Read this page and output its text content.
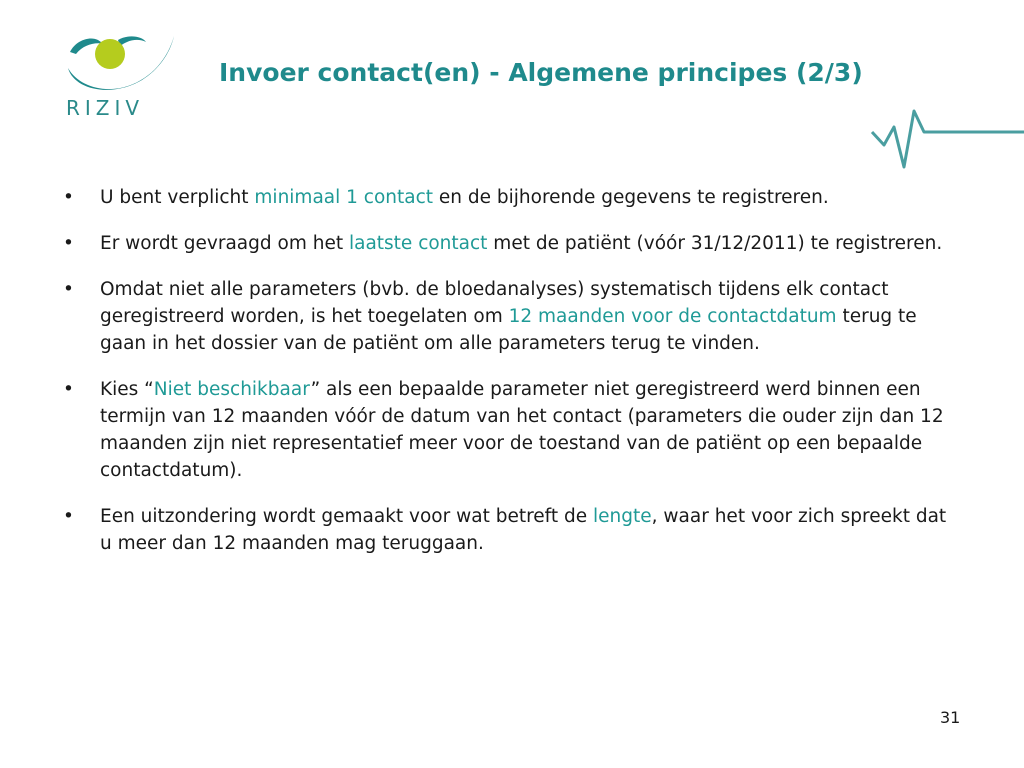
RIZIV
Invoer contact(en) - Algemene principes (2/3)
• U bent verplicht minimaal 1 contact en de bijhorende gegevens te registreren.
• Er wordt gevraagd om het laatste contact met de patiënt (vóór 31/12/2011) te registreren.
• Omdat niet alle parameters (bvb. de bloedanalyses) systematisch tijdens elk contact geregistreerd worden, is het toegelaten om 12 maanden voor de contactdatum terug te gaan in het dossier van de patiënt om alle parameters terug te vinden.
• Kies “Niet beschikbaar” als een bepaalde parameter niet geregistreerd werd binnen een termijn van 12 maanden vóór de datum van het contact (parameters die ouder zijn dan 12 maanden zijn niet representatief meer voor de toestand van de patiënt op een bepaalde contactdatum).
• Een uitzondering wordt gemaakt voor wat betreft de lengte, waar het voor zich spreekt dat u meer dan 12 maanden mag teruggaan.
31
